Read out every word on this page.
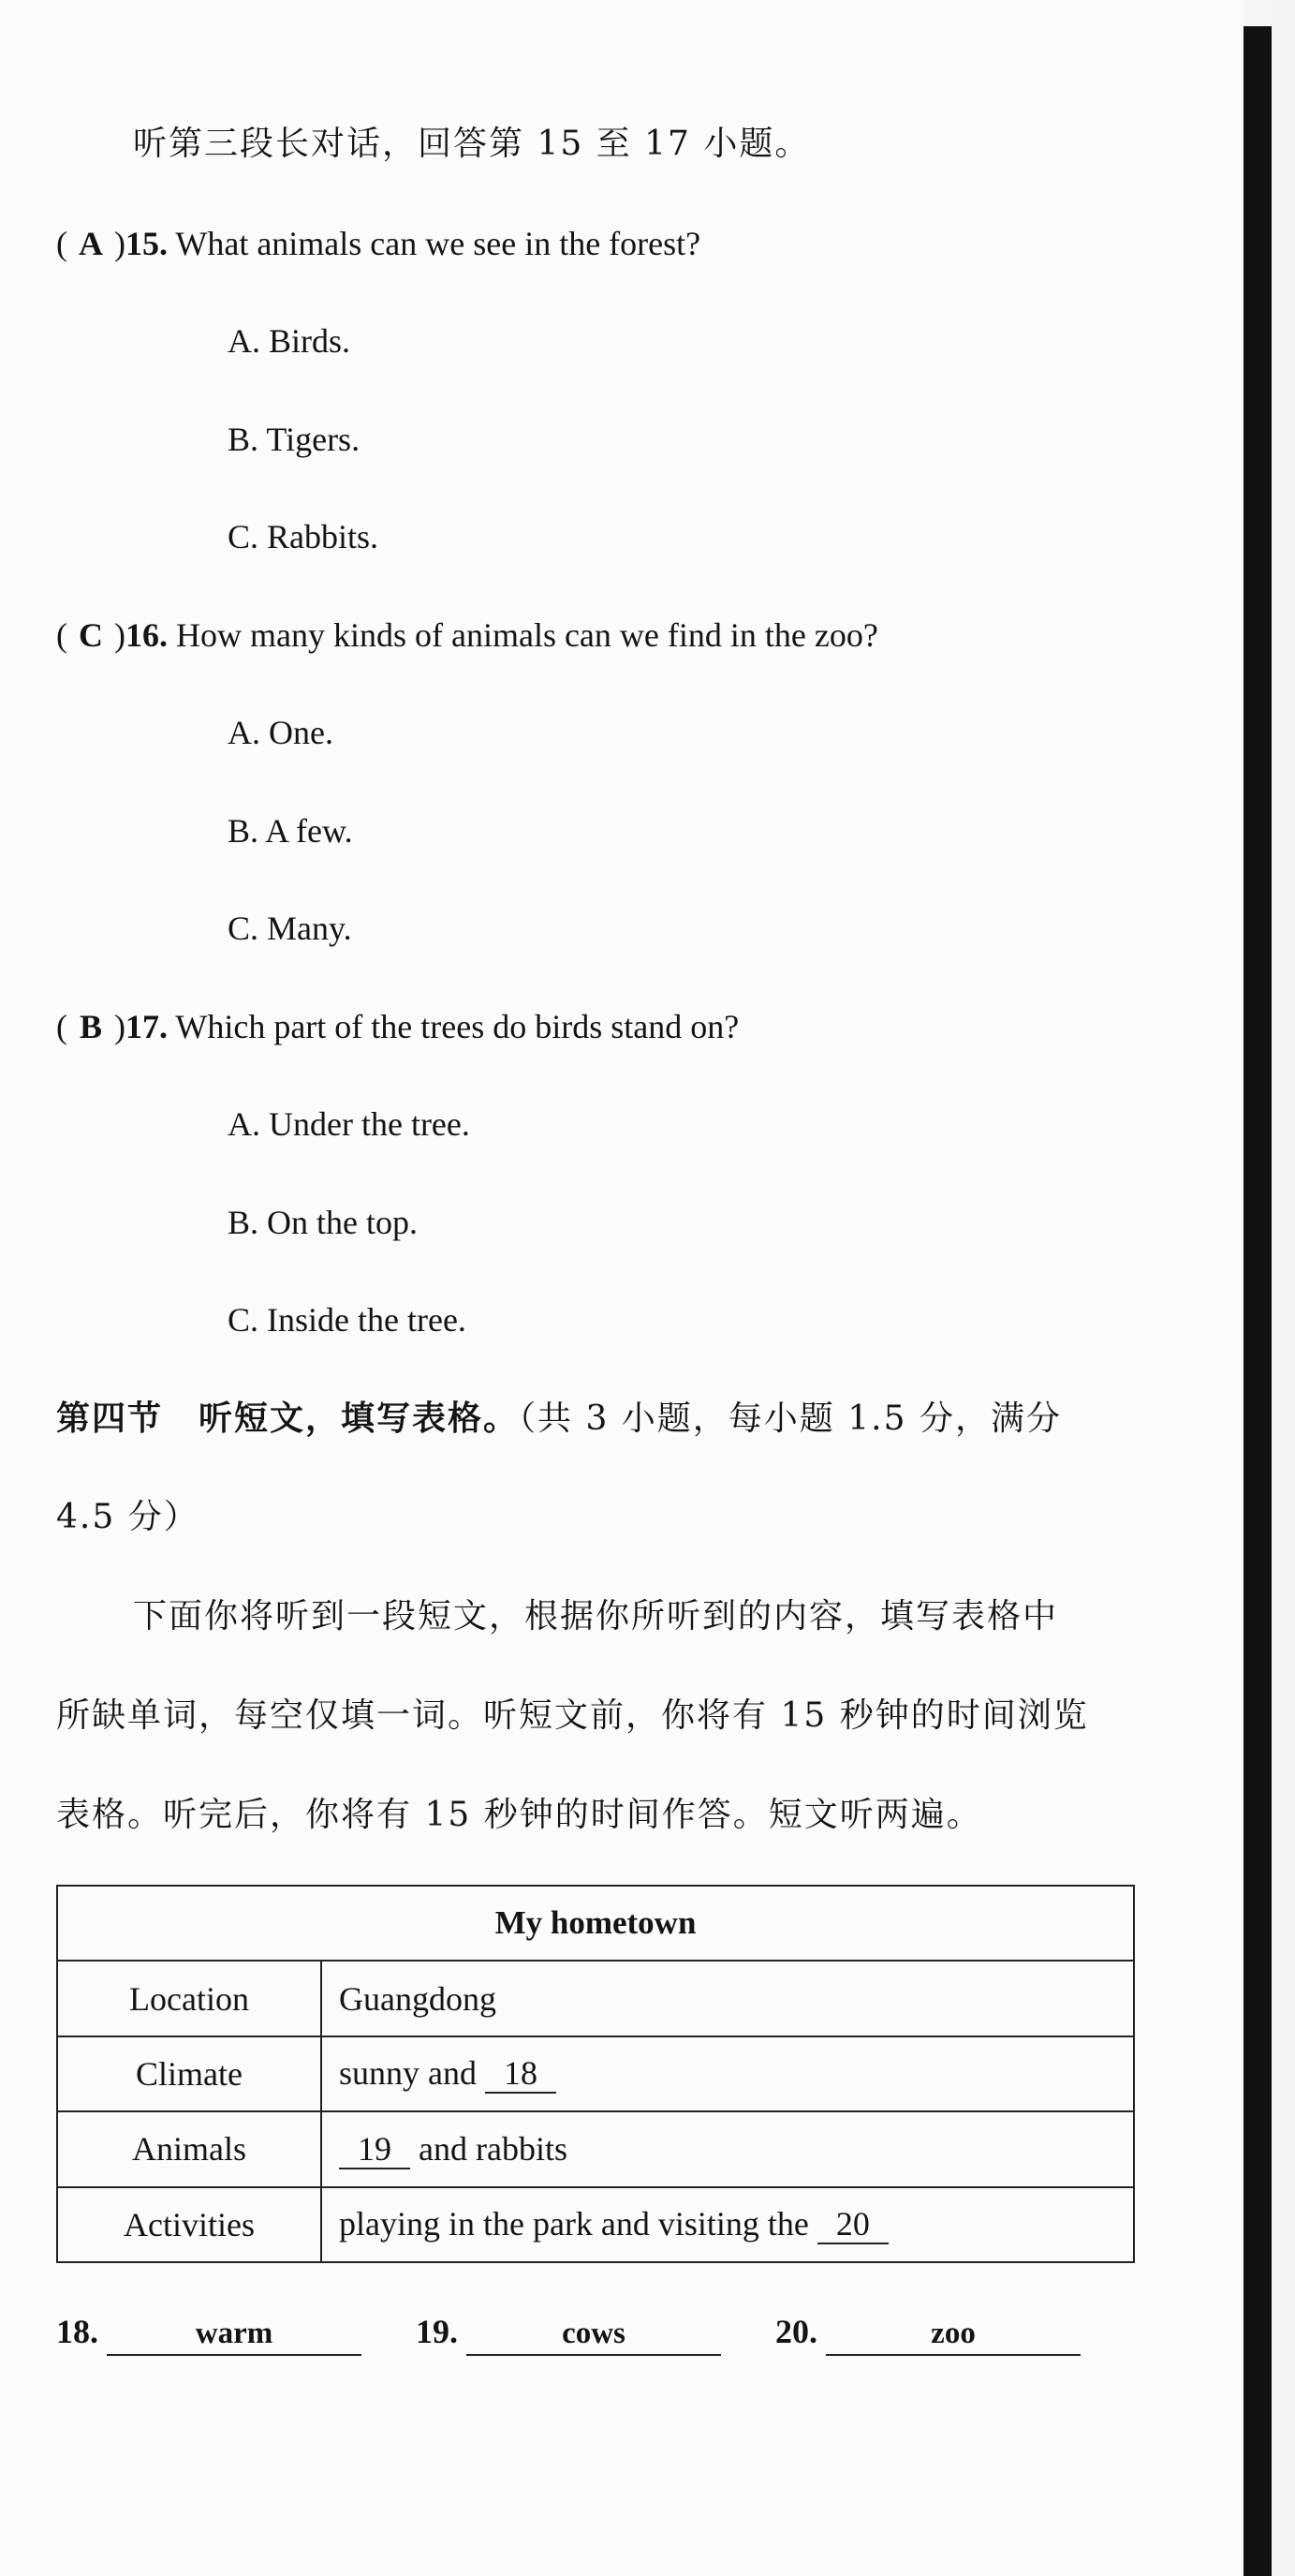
听第三段长对话，回答第 15 至 17 小题。
( A )15. What animals can we see in the forest?
A. Birds.
B. Tigers.
C. Rabbits.
( C )16. How many kinds of animals can we find in the zoo?
A. One.
B. A few.
C. Many.
( B )17. Which part of the trees do birds stand on?
A. Under the tree.
B. On the top.
C. Inside the tree.
第四节　听短文，填写表格。（共 3 小题，每小题 1.5 分，满分
4.5 分）
下面你将听到一段短文，根据你所听到的内容，填写表格中
所缺单词，每空仅填一词。听短文前，你将有 15 秒钟的时间浏览
表格。听完后，你将有 15 秒钟的时间作答。短文听两遍。
My hometown	
Location	Guangdong
Climate	sunny and 18
Animals	19 and rabbits
Activities	playing in the park and visiting the 20
18.	warm	19.	cows	20.	zoo
